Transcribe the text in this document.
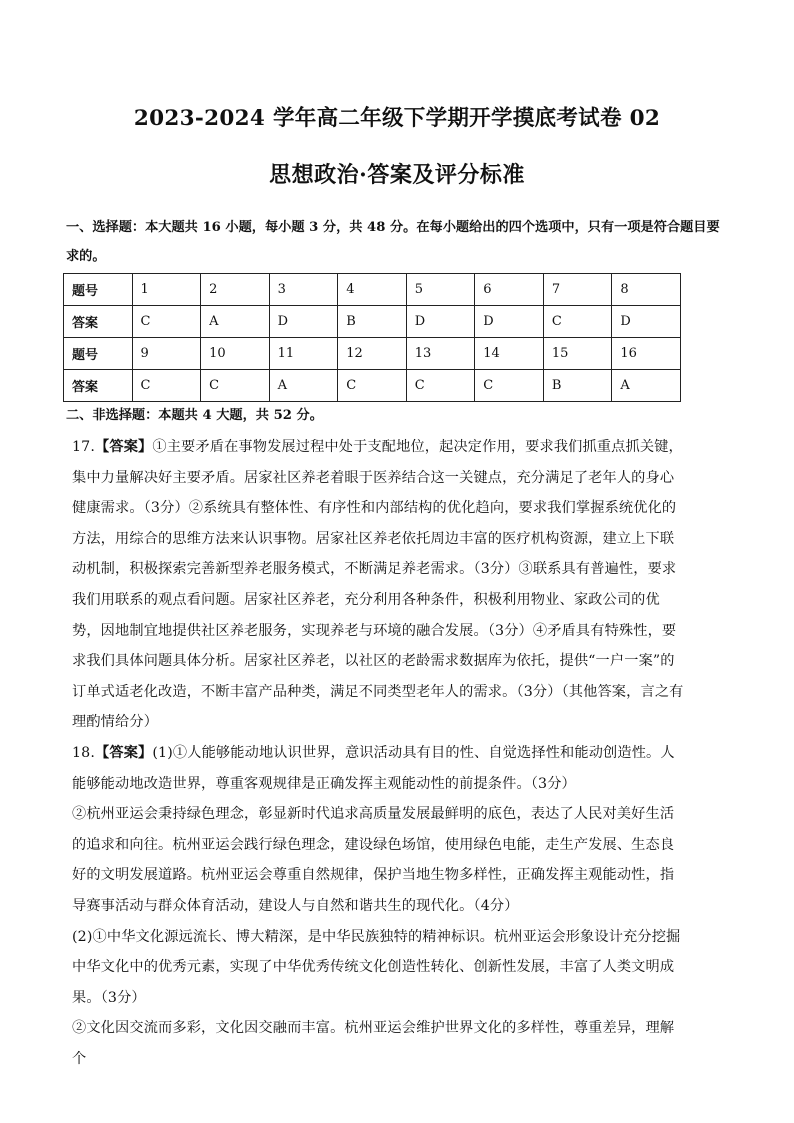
2023-2024 学年高二年级下学期开学摸底考试卷 02
思想政治·答案及评分标准
一、选择题：本大题共 16 小题，每小题 3 分，共 48 分。在每小题给出的四个选项中，只有一项是符合题目要求的。
题号	1	2	3	4	5	6	7	8
答案	C	A	D	B	D	D	C	D
题号	9	10	11	12	13	14	15	16
答案	C	C	A	C	C	C	B	A
二、非选择题：本题共 4 大题，共 52 分。

17.【答案】①主要矛盾在事物发展过程中处于支配地位，起决定作用，要求我们抓重点抓关键，集中力量解决好主要矛盾。居家社区养老着眼于医养结合这一关键点，充分满足了老年人的身心健康需求。（3分）②系统具有整体性、有序性和内部结构的优化趋向，要求我们掌握系统优化的方法，用综合的思维方法来认识事物。居家社区养老依托周边丰富的医疗机构资源，建立上下联动机制，积极探索完善新型养老服务模式，不断满足养老需求。（3分）③联系具有普遍性，要求我们用联系的观点看问题。居家社区养老，充分利用各种条件，积极利用物业、家政公司的优势，因地制宜地提供社区养老服务，实现养老与环境的融合发展。（3分）④矛盾具有特殊性，要求我们具体问题具体分析。居家社区养老，以社区的老龄需求数据库为依托，提供“一户一案”的订单式适老化改造，不断丰富产品种类，满足不同类型老年人的需求。（3分）（其他答案，言之有理酌情给分）

18.【答案】(1)①人能够能动地认识世界，意识活动具有目的性、自觉选择性和能动创造性。人能够能动地改造世界，尊重客观规律是正确发挥主观能动性的前提条件。（3分）

②杭州亚运会秉持绿色理念，彰显新时代追求高质量发展最鲜明的底色，表达了人民对美好生活的追求和向往。杭州亚运会践行绿色理念，建设绿色场馆，使用绿色电能，走生产发展、生态良好的文明发展道路。杭州亚运会尊重自然规律，保护当地生物多样性，正确发挥主观能动性，指导赛事活动与群众体育活动，建设人与自然和谐共生的现代化。（4分）

(2)①中华文化源远流长、博大精深，是中华民族独特的精神标识。杭州亚运会形象设计充分挖掘中华文化中的优秀元素，实现了中华优秀传统文化创造性转化、创新性发展，丰富了人类文明成果。（3分）

②文化因交流而多彩，文化因交融而丰富。杭州亚运会维护世界文化的多样性，尊重差异，理解个
